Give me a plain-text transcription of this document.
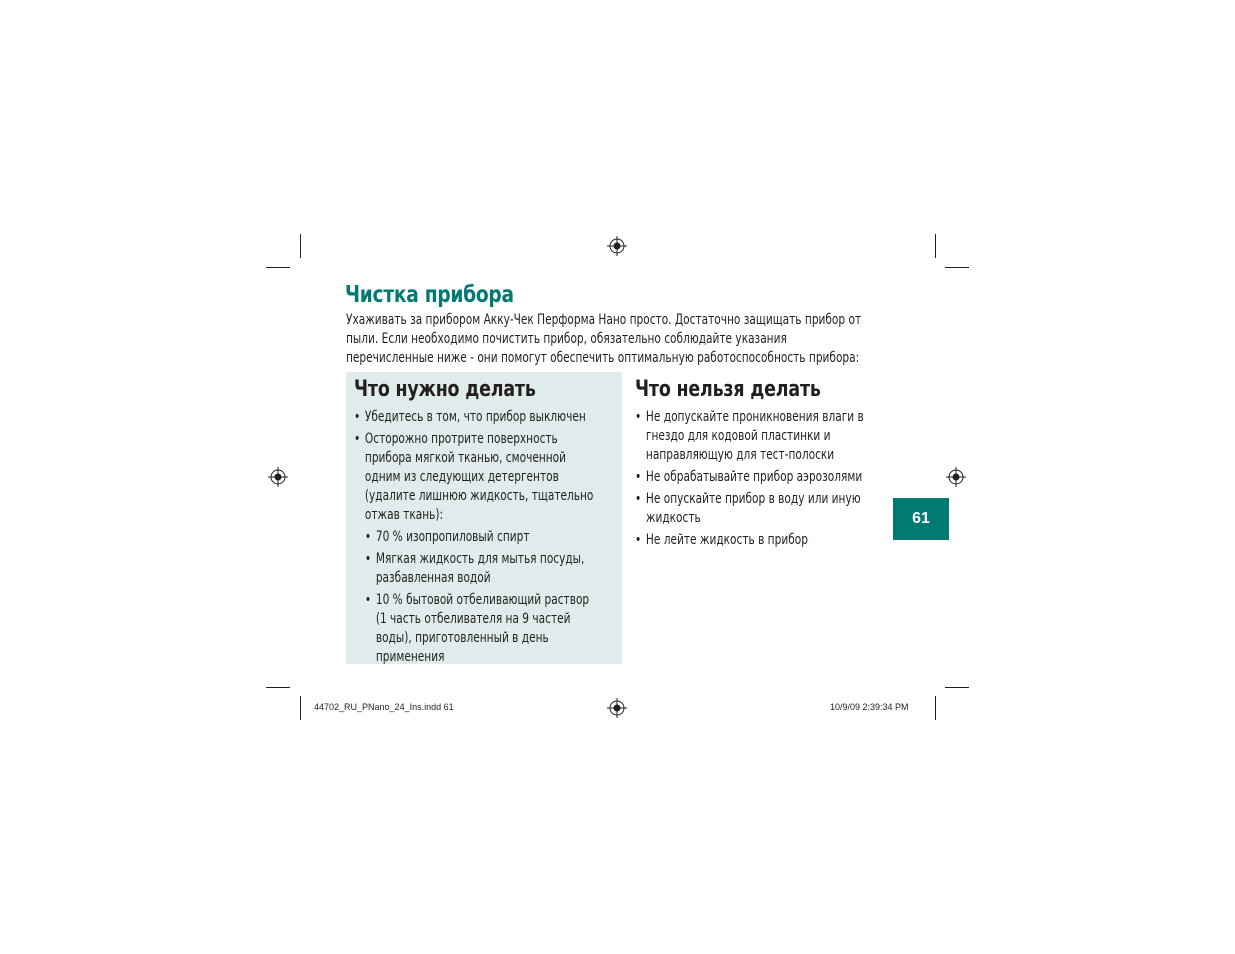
Чистка прибора
Ухаживать за прибором Акку-Чек Перформа Нано просто. Достаточно защищать прибор от
пыли. Если необходимо почистить прибор, обязательно соблюдайте указания
перечисленные ниже - они помогут обеспечить оптимальную работоспособность прибора:
Что нужно делать
• Убедитесь в том, что прибор выключен
• Осторожно протрите поверхность
прибора мягкой тканью, смоченной
одним из следующих детергентов
(удалите лишнюю жидкость, тщательно
отжав ткань):
• 70 % изопропиловый спирт
• Мягкая жидкость для мытья посуды,
разбавленная водой
• 10 % бытовой отбеливающий раствор
(1 часть отбеливателя на 9 частей
воды), приготовленный в день
применения
Что нельзя делать
• Не допускайте проникновения влаги в
гнездо для кодовой пластинки и
направляющую для тест-полоски
• Не обрабатывайте прибор аэрозолями
• Не опускайте прибор в воду или иную
жидкость
• Не лейте жидкость в прибор
61
44702_RU_PNano_24_Ins.indd 61	10/9/09 2:39:34 PM
